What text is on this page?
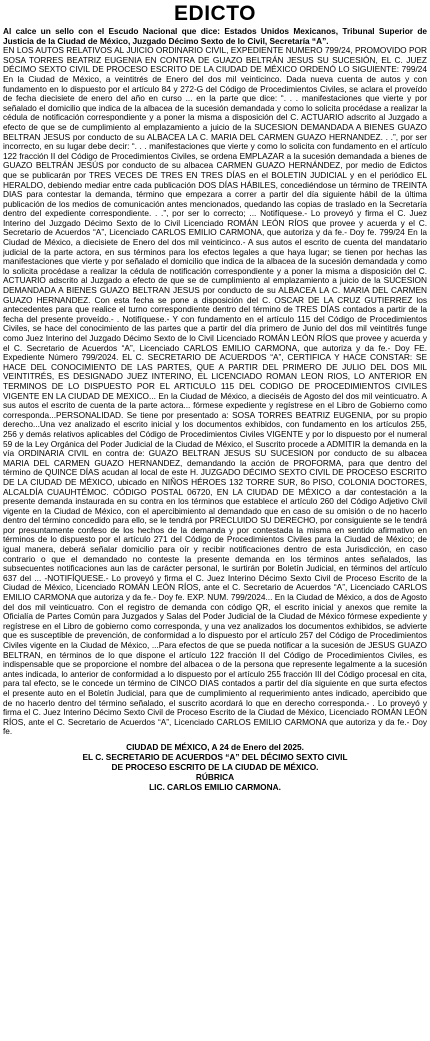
EDICTO

Al calce un sello con el Escudo Nacional que dice: Estados Unidos Mexicanos, Tribunal Superior de Justicia de la Ciudad de México, Juzgado Décimo Sexto de lo Civil, Secretaría “A”.

EN LOS AUTOS RELATIVOS AL JUICIO ORDINARIO CIVIL, EXPEDIENTE NUMERO 799/24, PROMOVIDO POR SOSA TORRES BEATRIZ EUGENIA EN CONTRA DE GUAZO BELTRÁN JESUS SU SUCESIÓN, EL C. JUEZ DÉCIMO SEXTO CIVIL DE PROCESO ESCRITO DE LA CIUDAD DE MÉXICO ORDENÓ LO SIGUIENTE: 799/24 En la Ciudad de México, a veintitrés de Enero del dos mil veinticinco. Dada nueva cuenta de autos y con fundamento en lo dispuesto por el artículo 84 y 272-G del Código de Procedimientos Civiles, se aclara el proveído de fecha diecisiete de enero del año en curso ... en la parte que dice: “. . . manifestaciones que vierte y por señalado el domicilio que indica de la albacea de la sucesión demandada y como lo solicita procédase a realizar la cédula de notificación correspondiente y a poner la misma a disposición del C. ACTUARIO adscrito al Juzgado a efecto de que se de cumplimiento al emplazamiento a juicio de la SUCESION DEMANDADA A BIENES GUAZO BELTRAN JESUS por conducto de su ALBACEA LA C. MARIA DEL CARMEN GUAZO HERNANDEZ. . .”, por ser incorrecto, en su lugar debe decir: “. . . manifestaciones que vierte y como lo solicita con fundamento en el artículo 122 fracción II del Código de Procedimientos Civiles, se ordena EMPLAZAR a la sucesión demandada a bienes de GUAZO BELTRÁN JESÚS por conducto de su albacea CARMEN GUAZO HERNÁNDEZ, por medio de Edictos que se publicarán por TRES VECES DE TRES EN TRES DÍAS en el BOLETIN JUDICIAL y en el periódico EL HERALDO, debiendo mediar entre cada publicación DOS DÍAS HÁBILES, concediéndose un término de TREINTA DIAS para contestar la demanda, término que empezara a correr a partir del día siguiente hábil de la última publicación de los medios de comunicación antes mencionados, quedando las copias de traslado en la Secretaría dentro del expediente correspondiente. . .”, por ser lo correcto; ... Notifíquese.- Lo proveyó y firma el C. Juez Interino del Juzgado Décimo Sexto de lo Civil Licenciado ROMÁN LEÓN RÍOS que provee y acuerda y el C. Secretario de Acuerdos “A”, Licenciado CARLOS EMILIO CARMONA, que autoriza y da fe.- Doy fe. 799/24 En la Ciudad de México, a diecisiete de Enero del dos mil veinticinco.- A sus autos el escrito de cuenta del mandatario judicial de la parte actora, en sus términos para los efectos legales a que haya lugar; se tienen por hechas las manifestaciones que vierte y por señalado el domicilio que indica de la albacea de la sucesión demandada y como lo solicita procédase a realizar la cédula de notificación correspondiente y a poner la misma a disposición del C. ACTUARIO adscrito al Juzgado a efecto de que se de cumplimiento al emplazamiento a juicio de la SUCESION DEMANDADA A BIENES GUAZO BELTRAN JESUS por conducto de su ALBACEA LA C. MARIA DEL CARMEN GUAZO HERNANDEZ. Con esta fecha se pone a disposición del C. OSCAR DE LA CRUZ GUTIERREZ los antecedentes para que realice el turno correspondiente dentro del término de TRES DÍAS contados a partir de la fecha del presente proveído.- . Notifíquese.- Y con fundamento en el artículo 115 del Código de Procedimientos Civiles, se hace del conocimiento de las partes que a partir del día primero de Junio del dos mil veintitrés funge como Juez Interino del Juzgado Décimo Sexto de lo Civil Licenciado ROMÁN LEÓN RÍOS que provee y acuerda y el C. Secretario de Acuerdos “A”, Licenciado CARLOS EMILIO CARMONA, que autoriza y da fe.- Doy FE. Expediente Número 799/2024. EL C. SECRETARIO DE ACUERDOS “A”, CERTIFICA Y HACE CONSTAR: SE HACE DEL CONOCIMIENTO DE LAS PARTES, QUE A PARTIR DEL PRIMERO DE JULIO DEL DOS MIL VEINTITRÉS, ES DESIGNADO JUEZ INTERINO, EL LICENCIADO ROMAN LEON RIOS, LO ANTERIOR EN TERMINOS DE LO DISPUESTO POR EL ARTICULO 115 DEL CODIGO DE PROCEDIMIENTOS CIVILES VIGENTE EN LA CIUDAD DE MEXICO... En la Ciudad de México, a dieciséis de Agosto del dos mil veinticuatro. A sus autos el escrito de cuenta de la parte actora... fórmese expediente y regístrese en el Libro de Gobierno como corresponda...PERSONALIDAD. Se tiene por presentado a: SOSA TORRES BEATRIZ EUGENIA, por su propio derecho...Una vez analizado el escrito inicial y los documentos exhibidos, con fundamento en los artículos 255, 256 y demás relativos aplicables del Código de Procedimientos Civiles VIGENTE y por lo dispuesto por el numeral 59 de la Ley Orgánica del Poder Judicial de la Ciudad de México, el Suscrito procede a ADMITIR la demanda en la vía ORDINARIA CIVIL en contra de: GUAZO BELTRAN JESUS SU SUCESION por conducto de su albacea MARIA DEL CARMEN GUAZO HERNANDEZ, demandando la acción de PROFORMA, para que dentro del término de QUINCE DÍAS acudan al local de este H. JUZGADO DÉCIMO SEXTO CIVIL DE PROCESO ESCRITO DE LA CIUDAD DE MÉXICO, ubicado en NIÑOS HÉROES 132 TORRE SUR, 8o PISO, COLONIA DOCTORES, ALCALDÍA CUAUHTÉMOC. CÓDIGO POSTAL 06720, EN LA CIUDAD DE MÉXICO a dar contestación a la presente demanda instaurada en su contra en los términos que establece el artículo 260 del Código Adjetivo Civil vigente en la Ciudad de México, con el apercibimiento al demandado que en caso de su omisión o de no hacerlo dentro del término concedido para ello, se le tendrá por PRECLUIDO SU DERECHO, por consiguiente se le tendrá por presuntamente confeso de los hechos de la demanda y por contestada la misma en sentido afirmativo en términos de lo dispuesto por el artículo 271 del Código de Procedimientos Civiles para la Ciudad de México; de igual manera, deberá señalar domicilio para oír y recibir notificaciones dentro de esta Jurisdicción, en caso contrario o que el demandado no conteste la presente demanda en los términos antes señalados, las subsecuentes notificaciones aun las de carácter personal, le surtirán por Boletín Judicial, en términos del artículo 637 del ... -NOTIFÍQUESE.- Lo proveyó y firma el C. Juez Interino Décimo Sexto Civil de Proceso Escrito de la Ciudad de México, Licenciado ROMÁN LEÓN RÍOS, ante el C. Secretario de Acuerdos “A”, Licenciado CARLOS EMILIO CARMONA que autoriza y da fe.- Doy fe. EXP. NUM. 799/2024... En la Ciudad de México, a dos de Agosto del dos mil veinticuatro. Con el registro de demanda con código QR, el escrito inicial y anexos que remite la Oficialía de Partes Común para Juzgados y Salas del Poder Judicial de la Ciudad de México fórmese expediente y regístrese en el Libro de gobierno como corresponda, y una vez analizados los documentos exhibidos, se advierte que es susceptible de prevención, de conformidad a lo dispuesto por el artículo 257 del Código de Procedimientos Civiles vigente en la Ciudad de México, ...Para efectos de que se pueda notificar a la sucesión de JESUS GUAZO BELTRAN, en términos de lo que dispone el artículo 122 fracción II del Código de Procedimientos Civiles, es indispensable que se proporcione el nombre del albacea o de la persona que represente legalmente a la sucesión antes indicada, lo anterior de conformidad a lo dispuesto por el artículo 255 fracción III del Código procesal en cita, para tal efecto, se le concede un término de CINCO DIAS contados a partir del día siguiente en que surta efectos el presente auto en el Boletín Judicial, para que de cumplimiento al requerimiento antes indicado, apercibido que de no hacerlo dentro del término señalado, el suscrito acordará lo que en derecho corresponda.- . Lo proveyó y firma el C. Juez Interino Décimo Sexto Civil de Proceso Escrito de la Ciudad de México, Licenciado ROMÁN LEÓN RÍOS, ante el C. Secretario de Acuerdos “A”, Licenciado CARLOS EMILIO CARMONA que autoriza y da fe.- Doy fe.

CIUDAD DE MÉXICO, A 24 de Enero del 2025.
EL C. SECRETARIO DE ACUERDOS “A” DEL DÉCIMO SEXTO CIVIL
DE PROCESO ESCRITO DE LA CIUDAD DE MÉXICO.
RÚBRICA
LIC. CARLOS EMILIO CARMONA.
